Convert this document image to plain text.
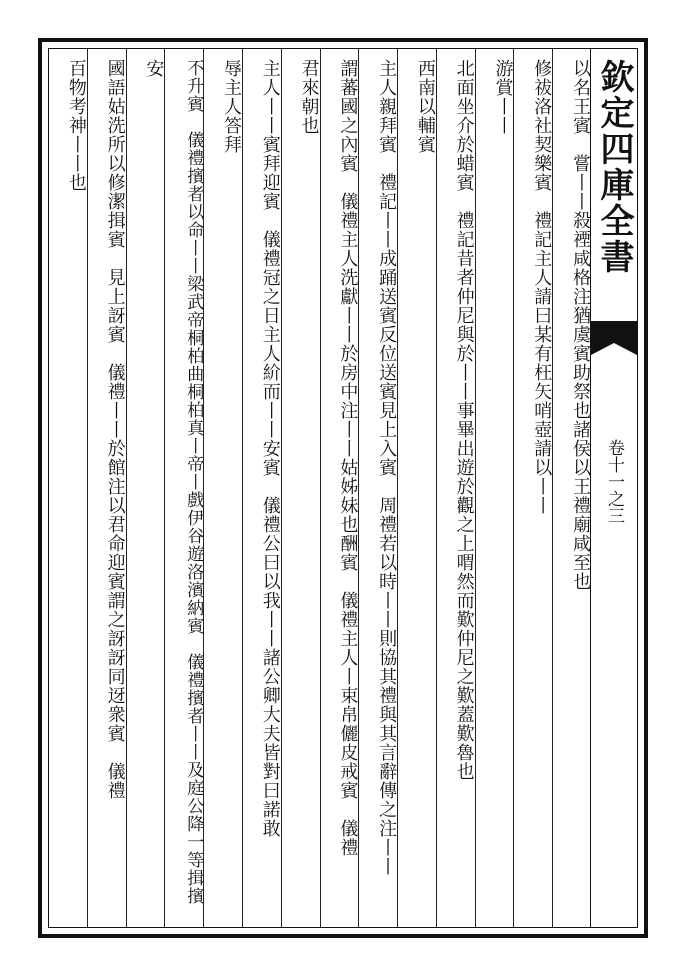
欽定四庫全書
卷十一之三
以名王賓　嘗丨丨殺禋咸格注猶虞賓助祭也諸侯以王禮廟咸至也
修祓洛社契樂賓　禮記主人請曰某有枉矢哨壺請以丨丨
游賞丨丨
北面坐介於蜡賓　禮記昔者仲尼與於丨丨事畢出遊於觀之上喟然而歎仲尼之歎蓋歎魯也
西南以輔賓　
主人親拜賓　禮記丨丨成踊送賓反位送賓見上入賓　周禮若以時丨丨則協其禮與其言辭傳之注丨丨
謂蕃國之內賓　儀禮主人洗獻丨丨於房中注丨丨姑姊妹也酬賓　儀禮主人丨束帛儷皮戒賓　儀禮
君來朝也
主人丨丨賓拜迎賓　儀禮冠之日主人紒而丨丨安賓　儀禮公曰以我丨丨諸公卿大夫皆對曰諾敢
辱主人答拜
不升賓　儀禮擯者以命丨丨梁武帝桐柏曲桐柏真丨帝丨戲伊谷遊洛濱納賓　儀禮擯者丨丨及庭公降一等揖擯
安
國語姑洗所以修潔揖賓　見上訝賓　儀禮丨丨於館注以君命迎賓謂之訝訝同迓衆賓　儀禮
百物考神丨丨也
